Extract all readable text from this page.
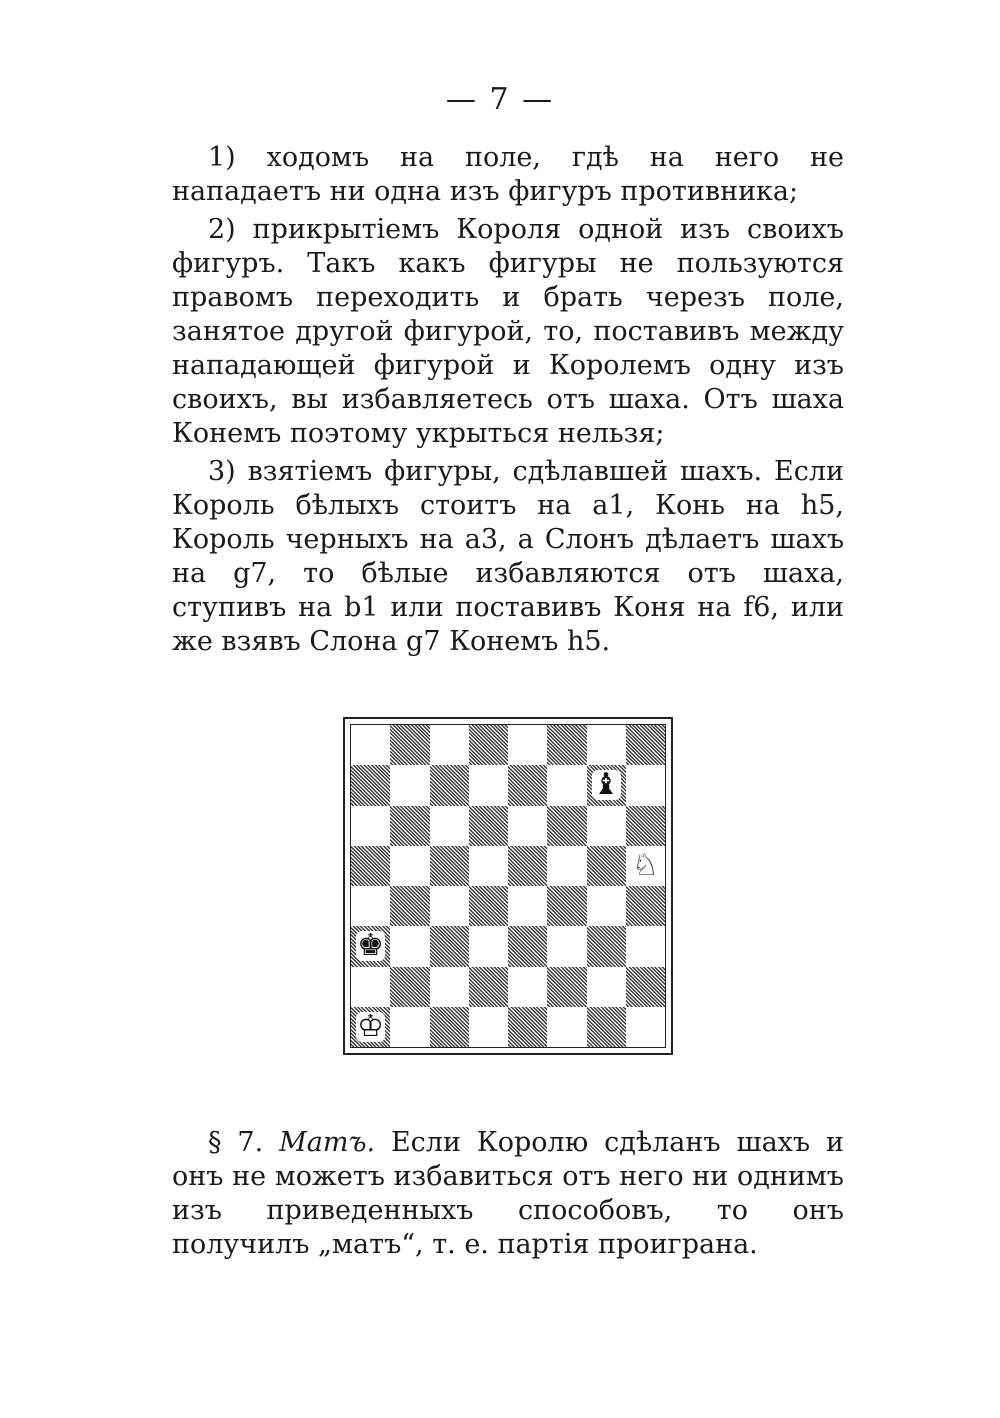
— 7 —

1) ходомъ на поле, гдѣ на него не нападаетъ ни одна изъ фигуръ противника;

2) прикрытіемъ Короля одной изъ своихъ фигуръ. Такъ какъ фигуры не пользуются правомъ переходить и брать черезъ поле, занятое другой фигурой, то, поставивъ между нападающей фигурой и Королемъ одну изъ своихъ, вы избавляетесь отъ шаха. Отъ шаха Конемъ поэтому укрыться нельзя;

3) взятіемъ фигуры, сдѣлавшей шахъ. Если Король бѣлыхъ стоитъ на a1, Конь на h5, Король черныхъ на a3, а Слонъ дѣлаетъ шахъ на g7, то бѣлые избавляются отъ шаха, ступивъ на b1 или поставивъ Коня на f6, или же взявъ Слона g7 Конемъ h5.

♝
♘
♚
♔

§ 7. Матъ. Если Королю сдѣланъ шахъ и онъ не можетъ избавиться отъ него ни однимъ изъ приведенныхъ способовъ, то онъ получилъ „матъ“, т. е. партія проиграна.
